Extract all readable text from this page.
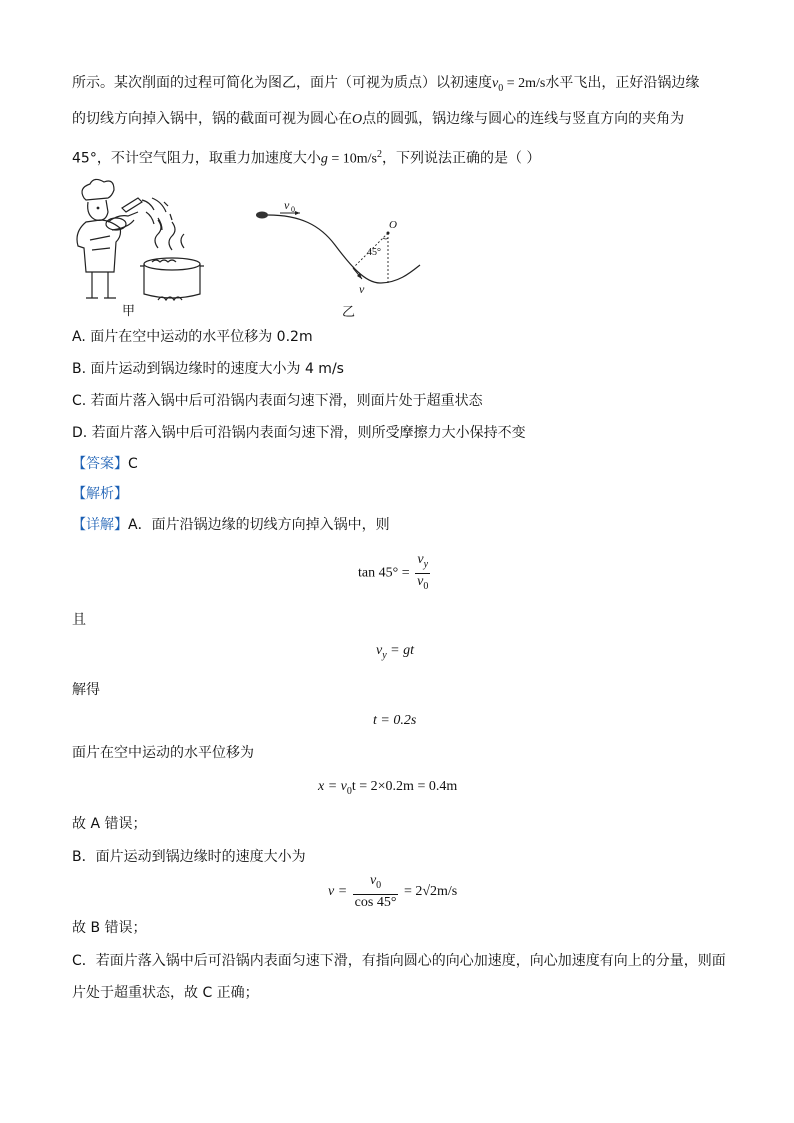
所示。某次削面的过程可简化为图乙，面片（可视为质点）以初速度$v_0 = 2m/s$水平飞出，正好沿锅边缘
的切线方向掉入锅中，锅的截面可视为圆心在O点的圆弧，锅边缘与圆心的连线与竖直方向的夹角为
45°，不计空气阻力，取重力加速度大小$g = 10m/s^2$，下列说法正确的是（ ）
甲
v 0
O
45°
v
乙
A. 面片在空中运动的水平位移为 0.2m
B. 面片运动到锅边缘时的速度大小为 4 m/s
C. 若面片落入锅中后可沿锅内表面匀速下滑，则面片处于超重状态
D. 若面片落入锅中后可沿锅内表面匀速下滑，则所受摩擦力大小保持不变
【答案】C
【解析】
【详解】A．面片沿锅边缘的切线方向掉入锅中，则
$\tan 45^\circ = \frac{v_y}{v_0}$
且
$v_y$ = gt
解得
t = 0.2s
面片在空中运动的水平位移为
$x = v_0t = 2\times 0.2m = 0.4m$
故 A 错误；
B．面片运动到锅边缘时的速度大小为
$v = \frac{v_0}{\cos 45^\circ} = 2√2m/s$
故 B 错误；
C．若面片落入锅中后可沿锅内表面匀速下滑，有指向圆心的向心加速度，向心加速度有向上的分量，则面
片处于超重状态，故 C 正确；
